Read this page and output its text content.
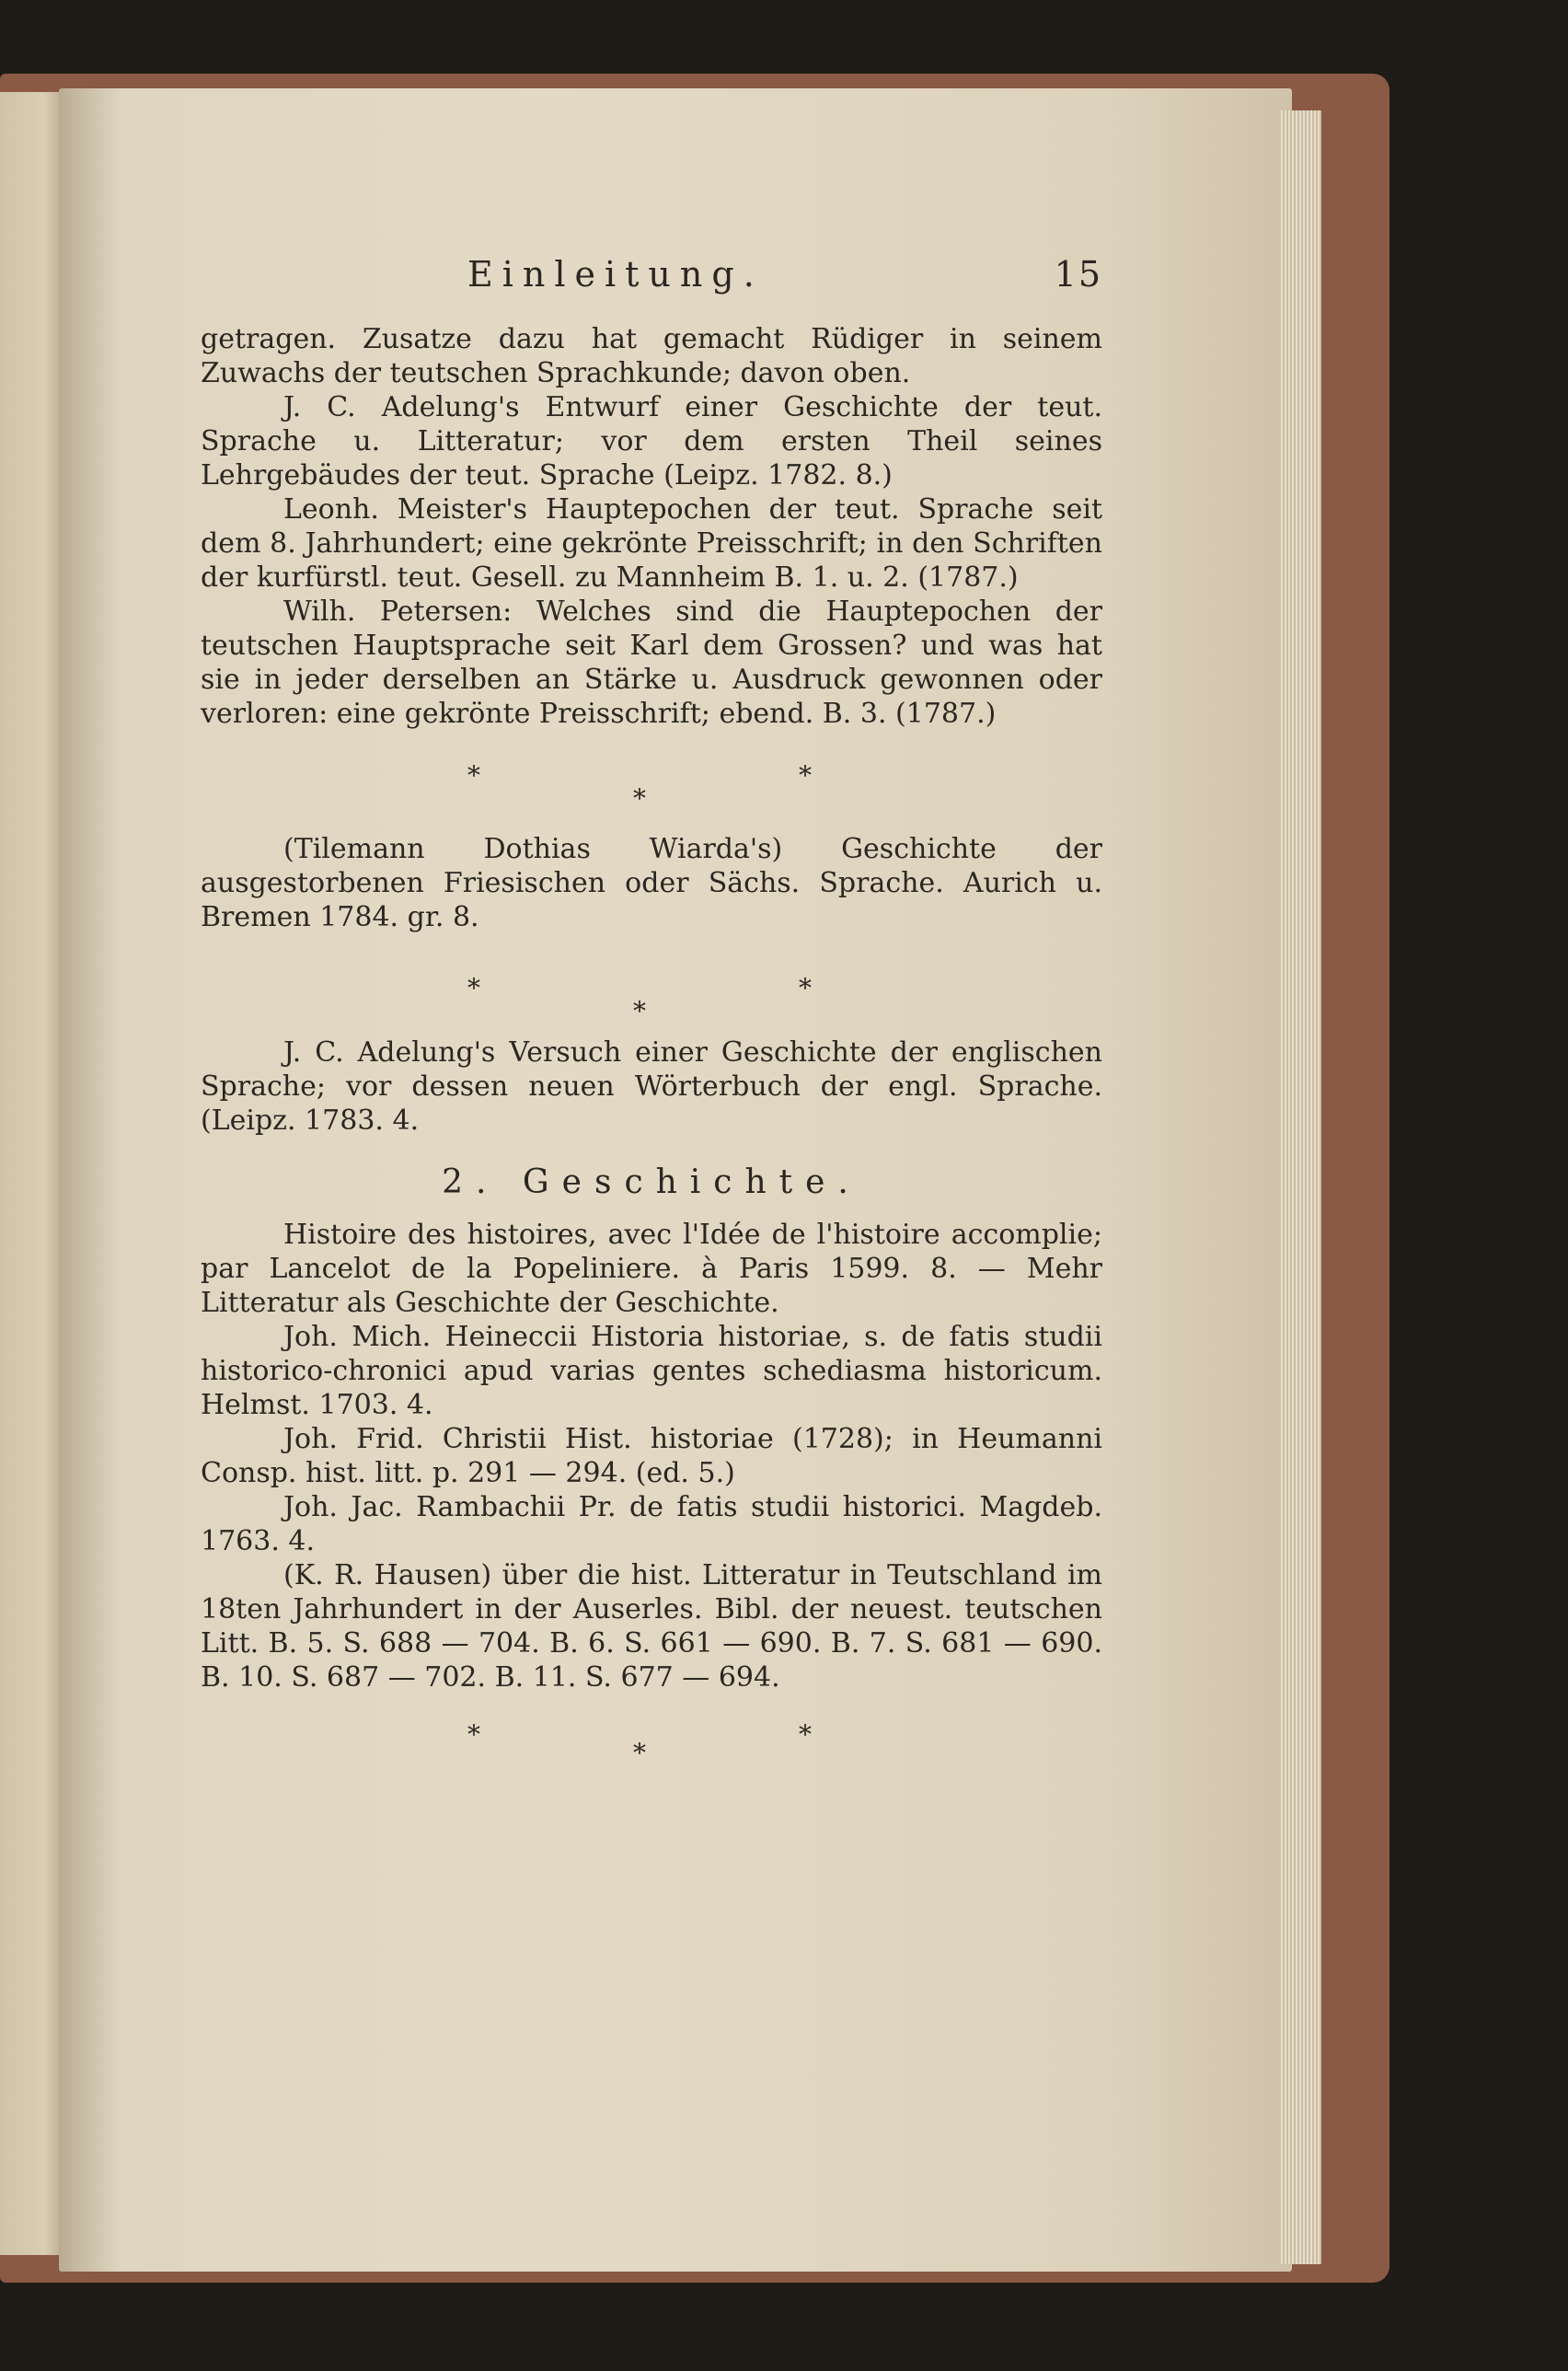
Einleitung.	15

getragen. Zusatze dazu hat gemacht Rüdiger in seinem Zuwachs der teutschen Sprachkunde; davon oben.

J. C. Adelung's Entwurf einer Geschichte der teut. Sprache u. Litteratur; vor dem ersten Theil seines Lehrgebäudes der teut. Sprache (Leipz. 1782. 8.)

Leonh. Meister's Hauptepochen der teut. Sprache seit dem 8. Jahrhundert; eine gekrönte Preisschrift; in den Schriften der kurfürstl. teut. Gesell. zu Mannheim B. 1. u. 2. (1787.)

Wilh. Petersen: Welches sind die Hauptepochen der teutschen Hauptsprache seit Karl dem Grossen? und was hat sie in jeder derselben an Stärke u. Ausdruck gewonnen oder verloren: eine gekrönte Preisschrift; ebend. B. 3. (1787.)

*
*
*

(Tilemann Dothias Wiarda's) Geschichte der ausgestorbenen Friesischen oder Sächs. Sprache. Aurich u. Bremen 1784. gr. 8.

*
*
*

J. C. Adelung's Versuch einer Geschichte der englischen Sprache; vor dessen neuen Wörterbuch der engl. Sprache. (Leipz. 1783. 4.

2. Geschichte.

Histoire des histoires, avec l'Idée de l'histoire accomplie; par Lancelot de la Popeliniere. à Paris 1599. 8. — Mehr Litteratur als Geschichte der Geschichte.

Joh. Mich. Heineccii Historia historiae, s. de fatis studii historico-chronici apud varias gentes schediasma historicum. Helmst. 1703. 4.

Joh. Frid. Christii Hist. historiae (1728); in Heumanni Consp. hist. litt. p. 291 — 294. (ed. 5.)

Joh. Jac. Rambachii Pr. de fatis studii historici. Magdeb. 1763. 4.

(K. R. Hausen) über die hist. Litteratur in Teutschland im 18ten Jahrhundert in der Auserles. Bibl. der neuest. teutschen Litt. B. 5. S. 688 — 704. B. 6. S. 661 — 690. B. 7. S. 681 — 690. B. 10. S. 687 — 702. B. 11. S. 677 — 694.

*
*
*
